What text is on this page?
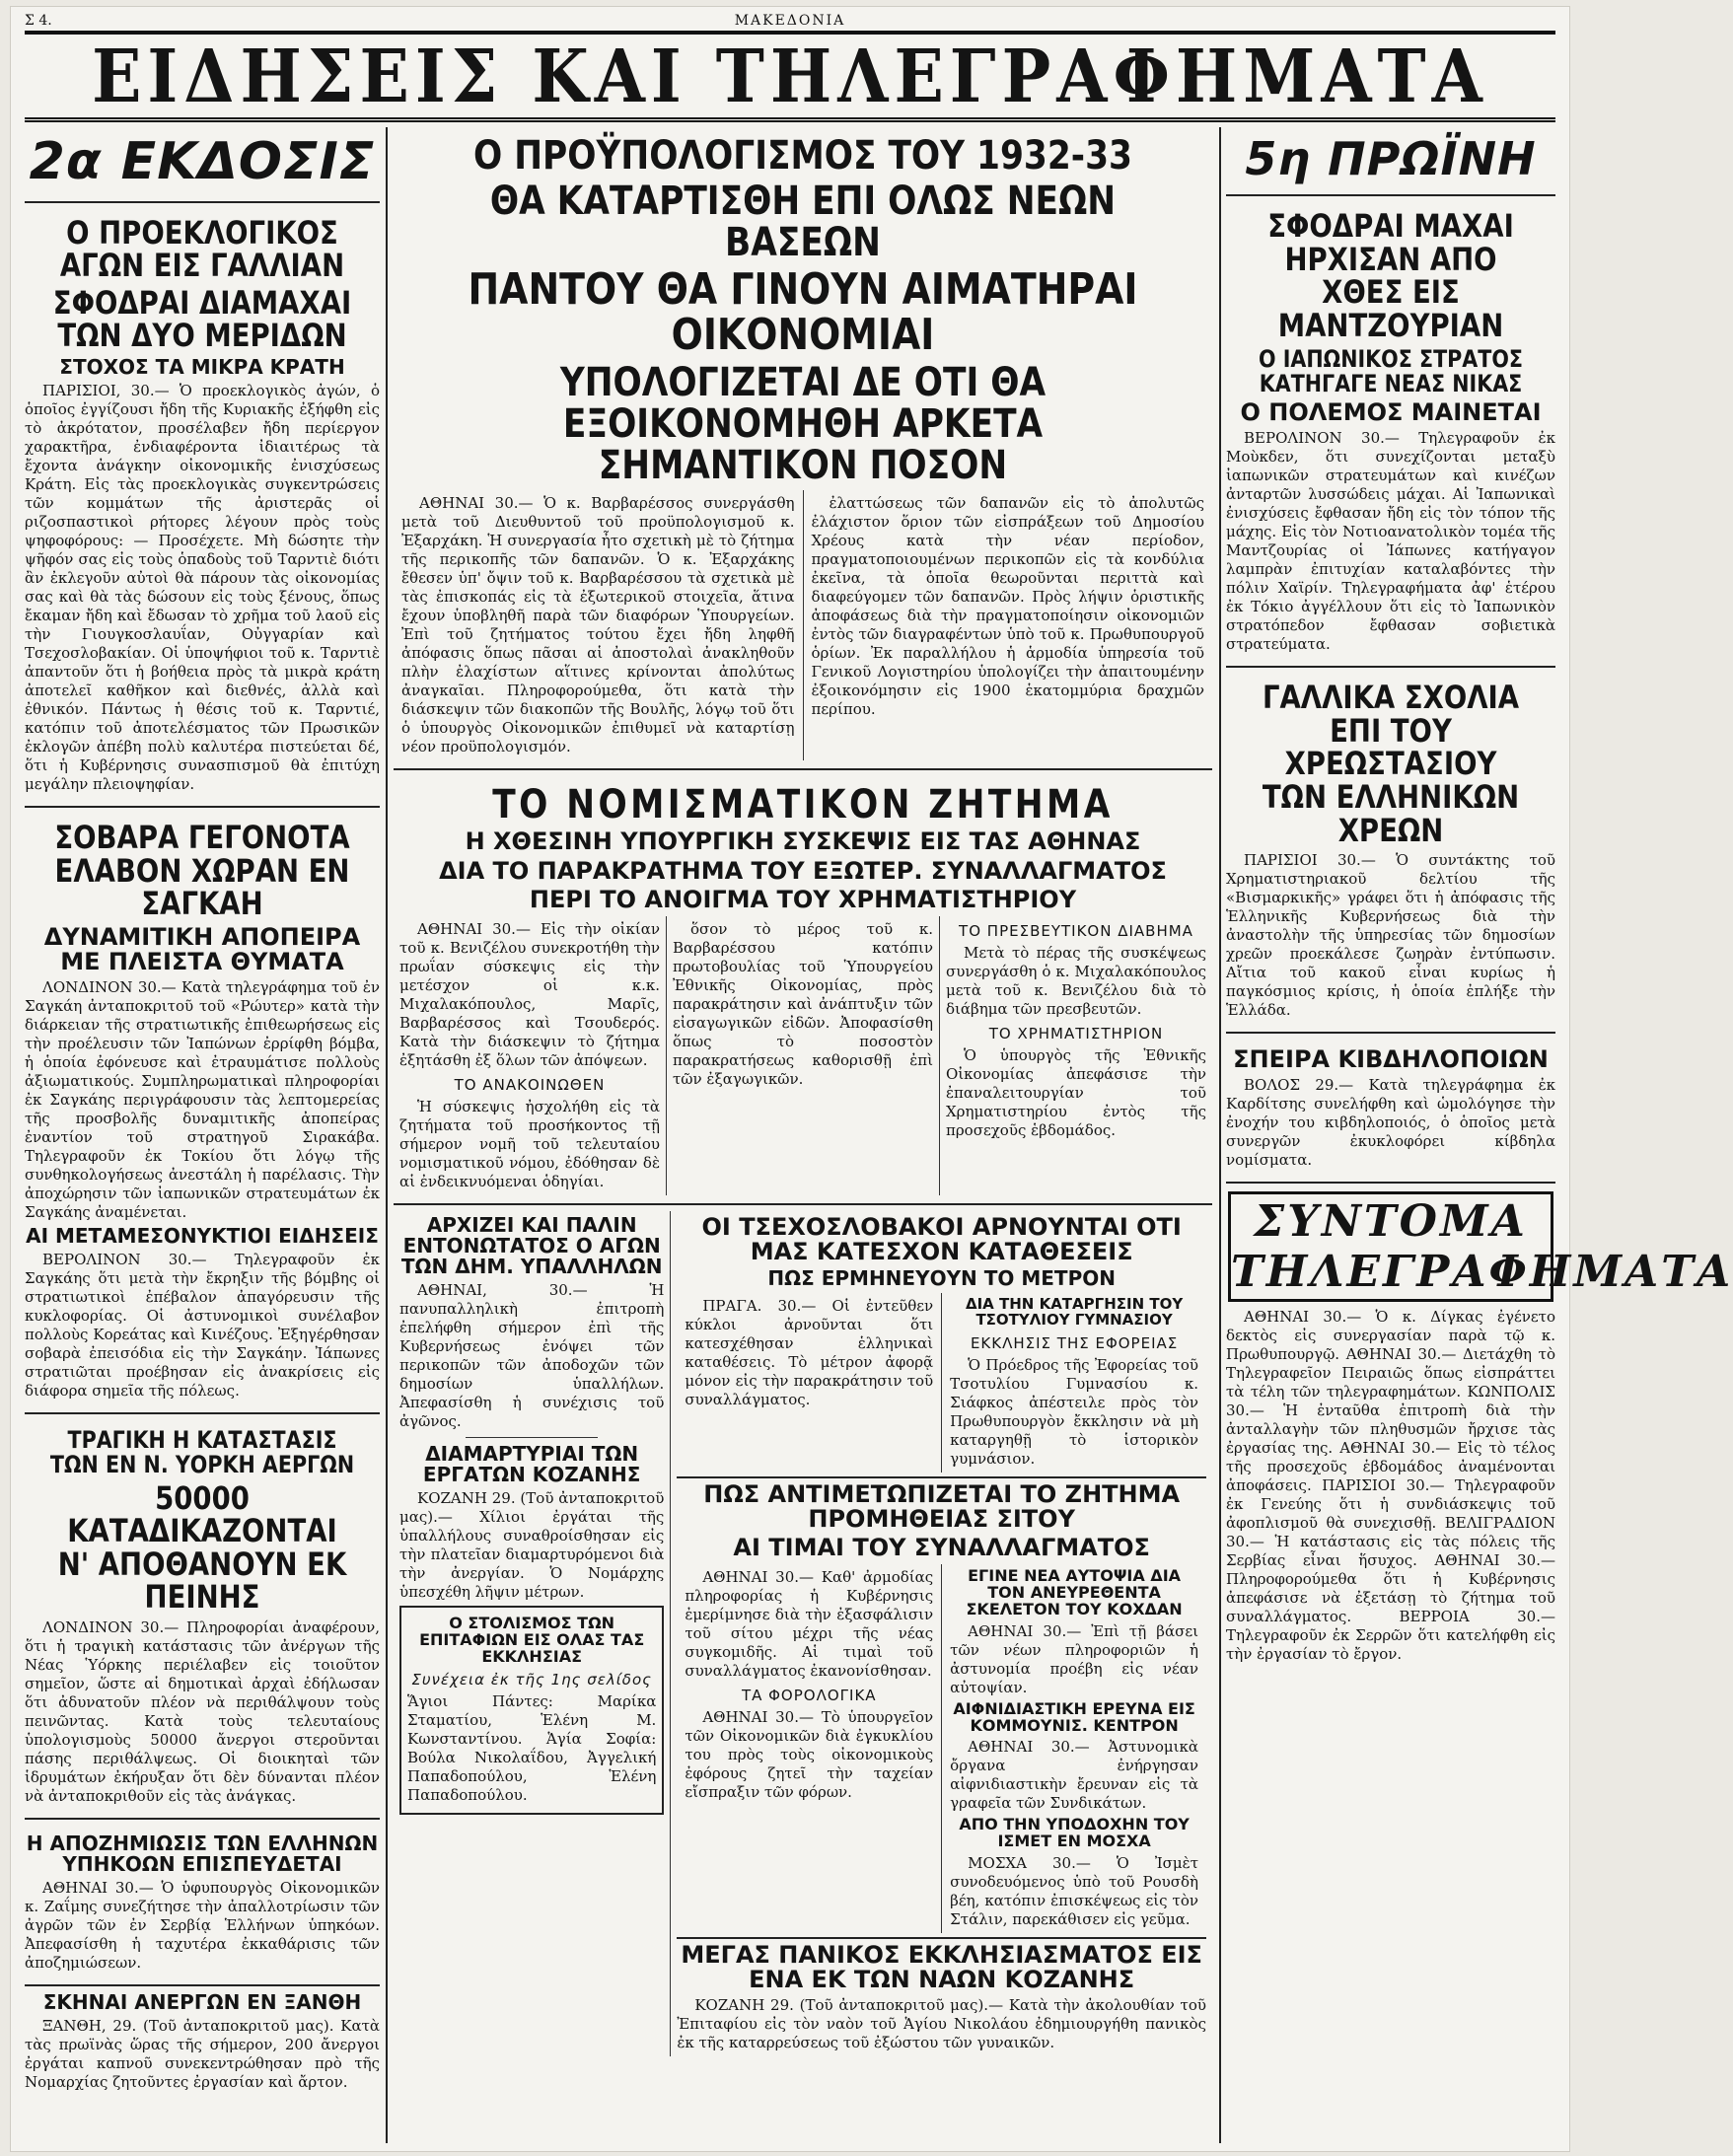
Σ 4.	ΜΑΚΕΔΟΝΙΑ
ΕΙΔΗΣΕΙΣ ΚΑΙ ΤΗΛΕΓΡΑΦΗΜΑΤΑ
2α ΕΚΔΟΣΙΣ
Ο ΠΡΟΕΚΛΟΓΙΚΟΣ ΑΓΩΝ ΕΙΣ ΓΑΛΛΙΑΝ
ΣΦΟΔΡΑΙ ΔΙΑΜΑΧΑΙ ΤΩΝ ΔΥΟ ΜΕΡΙΔΩΝ
ΣΤΟΧΟΣ ΤΑ ΜΙΚΡΑ ΚΡΑΤΗ

ΠΑΡΙΣΙΟΙ, 30.— Ὁ προεκλογικὸς ἀγών, ὁ ὁποῖος ἐγγίζουσι ἤδη τῆς Κυριακῆς ἐξήφθη εἰς τὸ ἀκρότατον, προσέλαβεν ἤδη περίεργον χαρακτῆρα, ἐνδιαφέροντα ἰδιαιτέρως τὰ ἔχοντα ἀνάγκην οἰκονομικῆς ἐνισχύσεως Κράτη. Εἰς τὰς προεκλογικὰς συγκεντρώσεις τῶν κομμάτων τῆς ἀριστερᾶς οἱ ριζοσπαστικοὶ ρήτορες λέγουν πρὸς τοὺς ψηφοφόρους: — Προσέχετε. Μὴ δώσητε τὴν ψῆφόν σας εἰς τοὺς ὁπαδοὺς τοῦ Ταρντιὲ διότι ἂν ἐκλεγοῦν αὐτοὶ θὰ πάρουν τὰς οἰκονομίας σας καὶ θὰ τὰς δώσουν εἰς τοὺς ξένους, ὅπως ἔκαμαν ἤδη καὶ ἔδωσαν τὸ χρῆμα τοῦ λαοῦ εἰς τὴν Γιουγκοσλαυΐαν, Οὐγγαρίαν καὶ Τσεχοσλοβακίαν. Οἱ ὑποψήφιοι τοῦ κ. Ταρντιὲ ἀπαντοῦν ὅτι ἡ βοήθεια πρὸς τὰ μικρὰ κράτη ἀποτελεῖ καθῆκον καὶ διεθνές, ἀλλὰ καὶ ἐθνικόν. Πάντως ἡ θέσις τοῦ κ. Ταρντιέ, κατόπιν τοῦ ἀποτελέσματος τῶν Πρωσικῶν ἐκλογῶν ἀπέβη πολὺ καλυτέρα πιστεύεται δέ, ὅτι ἡ Κυβέρνησις συνασπισμοῦ θὰ ἐπιτύχη μεγάλην πλειοψηφίαν.

ΣΟΒΑΡΑ ΓΕΓΟΝΟΤΑ ΕΛΑΒΟΝ ΧΩΡΑΝ ΕΝ ΣΑΓΚΑΗ
ΔΥΝΑΜΙΤΙΚΗ ΑΠΟΠΕΙΡΑ ΜΕ ΠΛΕΙΣΤΑ ΘΥΜΑΤΑ

ΛΟΝΔΙΝΟΝ 30.— Κατὰ τηλεγράφημα τοῦ ἐν Σαγκάη ἀνταποκριτοῦ τοῦ «Ρώυτερ» κατὰ τὴν διάρκειαν τῆς στρατιωτικῆς ἐπιθεωρήσεως εἰς τὴν προέλευσιν τῶν Ἰαπώνων ἐρρίφθη βόμβα, ἡ ὁποία ἐφόνευσε καὶ ἐτραυμάτισε πολλοὺς ἀξιωματικούς. Συμπληρωματικαὶ πληροφορίαι ἐκ Σαγκάης περιγράφουσιν τὰς λεπτομερείας τῆς προσβολῆς δυναμιτικῆς ἀποπείρας ἐναντίον τοῦ στρατηγοῦ Σιρακάβα. Τηλεγραφοῦν ἐκ Τοκίου ὅτι λόγῳ τῆς συνθηκολογήσεως ἀνεστάλη ἡ παρέλασις. Τὴν ἀποχώρησιν τῶν ἰαπωνικῶν στρατευμάτων ἐκ Σαγκάης ἀναμένεται.

ΑΙ ΜΕΤΑΜΕΣΟΝΥΚΤΙΟΙ ΕΙΔΗΣΕΙΣ

ΒΕΡΟΛΙΝΟΝ 30.— Τηλεγραφοῦν ἐκ Σαγκάης ὅτι μετὰ τὴν ἔκρηξιν τῆς βόμβης οἱ στρατιωτικοὶ ἐπέβαλον ἀπαγόρευσιν τῆς κυκλοφορίας. Οἱ ἀστυνομικοὶ συνέλαβον πολλοὺς Κορεάτας καὶ Κινέζους. Ἐξηγέρθησαν σοβαρὰ ἐπεισόδια εἰς τὴν Σαγκάην. Ἰάπωνες στρατιῶται προέβησαν εἰς ἀνακρίσεις εἰς διάφορα σημεῖα τῆς πόλεως.

ΤΡΑΓΙΚΗ Η ΚΑΤΑΣΤΑΣΙΣ ΤΩΝ ΕΝ Ν. ΥΟΡΚΗ ΑΕΡΓΩΝ
50000 ΚΑΤΑΔΙΚΑΖΟΝΤΑΙ Ν' ΑΠΟΘΑΝΟΥΝ ΕΚ ΠΕΙΝΗΣ

ΛΟΝΔΙΝΟΝ 30.— Πληροφορίαι ἀναφέρουν, ὅτι ἡ τραγικὴ κατάστασις τῶν ἀνέργων τῆς Νέας Ὑόρκης περιέλαβεν εἰς τοιοῦτον σημεῖον, ὥστε αἱ δημοτικαὶ ἀρχαὶ ἐδήλωσαν ὅτι ἀδυνατοῦν πλέον νὰ περιθάλψουν τοὺς πεινῶντας. Κατὰ τοὺς τελευταίους ὑπολογισμοὺς 50000 ἄνεργοι στεροῦνται πάσης περιθάλψεως. Οἱ διοικηταὶ τῶν ἱδρυμάτων ἐκήρυξαν ὅτι δὲν δύνανται πλέον νὰ ἀνταποκριθοῦν εἰς τὰς ἀνάγκας.

Η ΑΠΟΖΗΜΙΩΣΙΣ ΤΩΝ ΕΛΛΗΝΩΝ ΥΠΗΚΟΩΝ ΕΠΙΣΠΕΥΔΕΤΑΙ

ΑΘΗΝΑΙ 30.— Ὁ ὑφυπουργὸς Οἰκονομικῶν κ. Ζαΐμης συνεζήτησε τὴν ἀπαλλοτρίωσιν τῶν ἀγρῶν τῶν ἐν Σερβίᾳ Ἑλλήνων ὑπηκόων. Ἀπεφασίσθη ἡ ταχυτέρα ἐκκαθάρισις τῶν ἀποζημιώσεων.

ΣΚΗΝΑΙ ΑΝΕΡΓΩΝ ΕΝ ΞΑΝΘΗ

ΞΑΝΘΗ, 29. (Τοῦ ἀνταποκριτοῦ μας). Κατὰ τὰς πρωϊνὰς ὥρας τῆς σήμερον, 200 ἄνεργοι ἐργάται καπνοῦ συνεκεντρώθησαν πρὸ τῆς Νομαρχίας ζητοῦντες ἐργασίαν καὶ ἄρτον.

Ο ΠΡΟΫΠΟΛΟΓΙΣΜΟΣ ΤΟΥ 1932-33
ΘΑ ΚΑΤΑΡΤΙΣΘΗ ΕΠΙ ΟΛΩΣ ΝΕΩΝ ΒΑΣΕΩΝ
ΠΑΝΤΟΥ ΘΑ ΓΙΝΟΥΝ ΑΙΜΑΤΗΡΑΙ ΟΙΚΟΝΟΜΙΑΙ
ΥΠΟΛΟΓΙΖΕΤΑΙ ΔΕ ΟΤΙ ΘΑ ΕΞΟΙΚΟΝΟΜΗΘΗ ΑΡΚΕΤΑ ΣΗΜΑΝΤΙΚΟΝ ΠΟΣΟΝ

ΑΘΗΝΑΙ 30.— Ὁ κ. Βαρβαρέσσος συνεργάσθη μετὰ τοῦ Διευθυντοῦ τοῦ προϋπολογισμοῦ κ. Ἐξαρχάκη. Ἡ συνεργασία ἦτο σχετικὴ μὲ τὸ ζήτημα τῆς περικοπῆς τῶν δαπανῶν. Ὁ κ. Ἐξαρχάκης ἔθεσεν ὑπ' ὄψιν τοῦ κ. Βαρβαρέσσου τὰ σχετικὰ μὲ τὰς ἐπισκοπάς εἰς τὰ ἐξωτερικοῦ στοιχεῖα, ἅτινα ἔχουν ὑποβληθῆ παρὰ τῶν διαφόρων Ὑπουργείων. Ἐπὶ τοῦ ζητήματος τούτου ἔχει ἤδη ληφθῆ ἀπόφασις ὅπως πᾶσαι αἱ ἀποστολαὶ ἀνακληθοῦν πλὴν ἐλαχίστων αἵτινες κρίνονται ἀπολύτως ἀναγκαῖαι. Πληροφορούμεθα, ὅτι κατὰ τὴν διάσκεψιν τῶν διακοπῶν τῆς Βουλῆς, λόγῳ τοῦ ὅτι ὁ ὑπουργὸς Οἰκονομικῶν ἐπιθυμεῖ νὰ καταρτίσῃ νέον προϋπολογισμόν.

ἐλαττώσεως τῶν δαπανῶν εἰς τὸ ἀπολυτῶς ἐλάχιστον ὅριον τῶν εἰσπράξεων τοῦ Δημοσίου Χρέους κατὰ τὴν νέαν περίοδον, πραγματοποιουμένων περικοπῶν εἰς τὰ κονδύλια ἐκεῖνα, τὰ ὁποῖα θεωροῦνται περιττὰ καὶ διαφεύγομεν τῶν δαπανῶν. Πρὸς λήψιν ὁριστικῆς ἀποφάσεως διὰ τὴν πραγματοποίησιν οἰκονομιῶν ἐντὸς τῶν διαγραφέντων ὑπὸ τοῦ κ. Πρωθυπουργοῦ ὁρίων. Ἐκ παραλλήλου ἡ ἁρμοδία ὑπηρεσία τοῦ Γενικοῦ Λογιστηρίου ὑπολογίζει τὴν ἀπαιτουμένην ἐξοικονόμησιν εἰς 1900 ἑκατομμύρια δραχμῶν περίπου.

ΤΟ ΝΟΜΙΣΜΑΤΙΚΟΝ ΖΗΤΗΜΑ
Η ΧΘΕΣΙΝΗ ΥΠΟΥΡΓΙΚΗ ΣΥΣΚΕΨΙΣ ΕΙΣ ΤΑΣ ΑΘΗΝΑΣ
ΔΙΑ ΤΟ ΠΑΡΑΚΡΑΤΗΜΑ ΤΟΥ ΕΞΩΤΕΡ. ΣΥΝΑΛΛΑΓΜΑΤΟΣ
ΠΕΡΙ ΤΟ ΑΝΟΙΓΜΑ ΤΟΥ ΧΡΗΜΑΤΙΣΤΗΡΙΟΥ

ΑΘΗΝΑΙ 30.— Εἰς τὴν οἰκίαν τοῦ κ. Βενιζέλου συνεκροτήθη τὴν πρωΐαν σύσκεψις εἰς τὴν μετέσχον οἱ κ.κ. Μιχαλακόπουλος, Μαρῖς, Βαρβαρέσσος καὶ Τσουδερός. Κατὰ τὴν διάσκεψιν τὸ ζήτημα ἐξητάσθη ἐξ ὅλων τῶν ἀπόψεων.

ΤΟ ΑΝΑΚΟΙΝΩΘΕΝ

Ἡ σύσκεψις ἠσχολήθη εἰς τὰ ζητήματα τοῦ προσήκοντος τῇ σήμερον νομῆ τοῦ τελευταίου νομισματικοῦ νόμου, ἐδόθησαν δὲ αἱ ἐνδεικνυόμεναι ὁδηγίαι.

ὅσον τὸ μέρος τοῦ κ. Βαρβαρέσσου κατόπιν πρωτοβουλίας τοῦ Ὑπουργείου Ἐθνικῆς Οἰκονομίας, πρὸς παρακράτησιν καὶ ἀνάπτυξιν τῶν εἰσαγωγικῶν εἰδῶν. Ἀποφασίσθη ὅπως τὸ ποσοστὸν παρακρατήσεως καθορισθῇ ἐπὶ τῶν ἐξαγωγικῶν.

ΤΟ ΠΡΕΣΒΕΥΤΙΚΟΝ ΔΙΑΒΗΜΑ

Μετὰ τὸ πέρας τῆς συσκέψεως συνεργάσθη ὁ κ. Μιχαλακόπουλος μετὰ τοῦ κ. Βενιζέλου διὰ τὸ διάβημα τῶν πρεσβευτῶν.

ΤΟ ΧΡΗΜΑΤΙΣΤΗΡΙΟΝ

Ὁ ὑπουργὸς τῆς Ἐθνικῆς Οἰκονομίας ἀπεφάσισε τὴν ἐπαναλειτουργίαν τοῦ Χρηματιστηρίου ἐντὸς τῆς προσεχοῦς ἑβδομάδος.

ΑΡΧΙΖΕΙ ΚΑΙ ΠΑΛΙΝ ΕΝΤΟΝΩΤΑΤΟΣ Ο ΑΓΩΝ ΤΩΝ ΔΗΜ. ΥΠΑΛΛΗΛΩΝ

ΑΘΗΝΑΙ, 30.— Ἡ πανυπαλληλικὴ ἐπιτροπὴ ἐπελήφθη σήμερον ἐπὶ τῆς Κυβερνήσεως ἐνόψει τῶν περικοπῶν τῶν ἀποδοχῶν τῶν δημοσίων ὑπαλλήλων. Ἀπεφασίσθη ἡ συνέχισις τοῦ ἀγῶνος.

ΔΙΑΜΑΡΤΥΡΙΑΙ ΤΩΝ ΕΡΓΑΤΩΝ ΚΟΖΑΝΗΣ

ΚΟΖΑΝΗ 29. (Τοῦ ἀνταποκριτοῦ μας).— Χίλιοι ἐργάται τῆς ὑπαλλήλους συναθροίσθησαν εἰς τὴν πλατεῖαν διαμαρτυρόμενοι διὰ τὴν ἀνεργίαν. Ὁ Νομάρχης ὑπεσχέθη λῆψιν μέτρων.

Ο ΣΤΟΛΙΣΜΟΣ ΤΩΝ ΕΠΙΤΑΦΙΩΝ ΕΙΣ ΟΛΑΣ ΤΑΣ ΕΚΚΛΗΣΙΑΣ
Συνέχεια ἐκ τῆς 1ης σελίδος

Ἅγιοι Πάντες: Μαρίκα Σταματίου, Ἑλένη Μ. Κωνσταντίνου. Ἁγία Σοφία: Βούλα Νικολαΐδου, Ἀγγελική Παπαδοπούλου, Ἑλένη Παπαδοπούλου.

ΟΙ ΤΣΕΧΟΣΛΟΒΑΚΟΙ ΑΡΝΟΥΝΤΑΙ ΟΤΙ ΜΑΣ ΚΑΤΕΣΧΟΝ ΚΑΤΑΘΕΣΕΙΣ
ΠΩΣ ΕΡΜΗΝΕΥΟΥΝ ΤΟ ΜΕΤΡΟΝ

ΠΡΑΓΑ. 30.— Οἱ ἐντεῦθεν κύκλοι ἀρνοῦνται ὅτι κατεσχέθησαν ἑλληνικαὶ καταθέσεις. Τὸ μέτρον ἀφορᾷ μόνον εἰς τὴν παρακράτησιν τοῦ συναλλάγματος.

ΔΙΑ ΤΗΝ ΚΑΤΑΡΓΗΣΙΝ ΤΟΥ ΤΣΟΤΥΛΙΟΥ ΓΥΜΝΑΣΙΟΥ
ΕΚΚΛΗΣΙΣ ΤΗΣ ΕΦΟΡΕΙΑΣ

Ὁ Πρόεδρος τῆς Ἐφορείας τοῦ Τσοτυλίου Γυμνασίου κ. Σιάφκος ἀπέστειλε πρὸς τὸν Πρωθυπουργὸν ἔκκλησιν νὰ μὴ καταργηθῇ τὸ ἱστορικὸν γυμνάσιον.

ΠΩΣ ΑΝΤΙΜΕΤΩΠΙΖΕΤΑΙ ΤΟ ΖΗΤΗΜΑ ΠΡΟΜΗΘΕΙΑΣ ΣΙΤΟΥ
ΑΙ ΤΙΜΑΙ ΤΟΥ ΣΥΝΑΛΛΑΓΜΑΤΟΣ

ΑΘΗΝΑΙ 30.— Καθ' ἀρμοδίας πληροφορίας ἡ Κυβέρνησις ἐμερίμνησε διὰ τὴν ἐξασφάλισιν τοῦ σίτου μέχρι τῆς νέας συγκομιδῆς. Αἱ τιμαὶ τοῦ συναλλάγματος ἐκανονίσθησαν.

ΤΑ ΦΟΡΟΛΟΓΙΚΑ

ΑΘΗΝΑΙ 30.— Τὸ ὑπουργεῖον τῶν Οἰκονομικῶν διὰ ἐγκυκλίου του πρὸς τοὺς οἰκονομικοὺς ἐφόρους ζητεῖ τὴν ταχείαν εἴσπραξιν τῶν φόρων.

ΕΓΙΝΕ ΝΕΑ ΑΥΤΟΨΙΑ ΔΙΑ ΤΟΝ ΑΝΕΥΡΕΘΕΝΤΑ ΣΚΕΛΕΤΟΝ ΤΟΥ ΚΟΧΔΑΝ

ΑΘΗΝΑΙ 30.— Ἐπὶ τῇ βάσει τῶν νέων πληροφοριῶν ἡ ἀστυνομία προέβη εἰς νέαν αὐτοψίαν.

ΑΙΦΝΙΔΙΑΣΤΙΚΗ ΕΡΕΥΝΑ ΕΙΣ ΚΟΜΜΟΥΝΙΣ. ΚΕΝΤΡΟΝ

ΑΘΗΝΑΙ 30.— Ἀστυνομικὰ ὄργανα ἐνήργησαν αἰφνιδιαστικὴν ἔρευναν εἰς τὰ γραφεῖα τῶν Συνδικάτων.

ΑΠΟ ΤΗΝ ΥΠΟΔΟΧΗΝ ΤΟΥ ΙΣΜΕΤ ΕΝ ΜΟΣΧΑ

ΜΟΣΧΑ 30.— Ὁ Ἰσμὲτ συνοδευόμενος ὑπὸ τοῦ Ρουσδὴ βέη, κατόπιν ἐπισκέψεως εἰς τὸν Στάλιν, παρεκάθισεν εἰς γεῦμα.

ΜΕΓΑΣ ΠΑΝΙΚΟΣ ΕΚΚΛΗΣΙΑΣΜΑΤΟΣ ΕΙΣ ΕΝΑ ΕΚ ΤΩΝ ΝΑΩΝ ΚΟΖΑΝΗΣ

ΚΟΖΑΝΗ 29. (Τοῦ ἀνταποκριτοῦ μας).— Κατὰ τὴν ἀκολουθίαν τοῦ Ἐπιταφίου εἰς τὸν ναὸν τοῦ Ἁγίου Νικολάου ἐδημιουργήθη πανικὸς ἐκ τῆς καταρρεύσεως τοῦ ἐξώστου τῶν γυναικῶν.

5η ΠΡΩΪΝΗ
ΣΦΟΔΡΑΙ ΜΑΧΑΙ ΗΡΧΙΣΑΝ ΑΠΟ ΧΘΕΣ ΕΙΣ ΜΑΝΤΖΟΥΡΙΑΝ
Ο ΙΑΠΩΝΙΚΟΣ ΣΤΡΑΤΟΣ ΚΑΤΗΓΑΓΕ ΝΕΑΣ ΝΙΚΑΣ
Ο ΠΟΛΕΜΟΣ ΜΑΙΝΕΤΑΙ

ΒΕΡΟΛΙΝΟΝ 30.— Τηλεγραφοῦν ἐκ Μοὺκδεν, ὅτι συνεχίζονται μεταξὺ ἰαπωνικῶν στρατευμάτων καὶ κινέζων ἀνταρτῶν λυσσώδεις μάχαι. Αἱ Ἰαπωνικαὶ ἐνισχύσεις ἔφθασαν ἤδη εἰς τὸν τόπον τῆς μάχης. Εἰς τὸν Νοτιοανατολικὸν τομέα τῆς Μαντζουρίας οἱ Ἰάπωνες κατήγαγον λαμπρὰν ἐπιτυχίαν καταλαβόντες τὴν πόλιν Χαϊρίν. Τηλεγραφήματα ἀφ' ἑτέρου ἐκ Τόκιο ἀγγέλλουν ὅτι εἰς τὸ Ἰαπωνικὸν στρατόπεδον ἔφθασαν σοβιετικὰ στρατεύματα.

ΓΑΛΛΙΚΑ ΣΧΟΛΙΑ ΕΠΙ ΤΟΥ ΧΡΕΩΣΤΑΣΙΟΥ ΤΩΝ ΕΛΛΗΝΙΚΩΝ ΧΡΕΩΝ

ΠΑΡΙΣΙΟΙ 30.— Ὁ συντάκτης τοῦ Χρηματιστηριακοῦ δελτίου τῆς «Βισμαρκικῆς» γράφει ὅτι ἡ ἀπόφασις τῆς Ἑλληνικῆς Κυβερνήσεως διὰ τὴν ἀναστολὴν τῆς ὑπηρεσίας τῶν δημοσίων χρεῶν προεκάλεσε ζωηρὰν ἐντύπωσιν. Αἴτια τοῦ κακοῦ εἶναι κυρίως ἡ παγκόσμιος κρίσις, ἡ ὁποία ἐπλήξε τὴν Ἑλλάδα.

ΣΠΕΙΡΑ ΚΙΒΔΗΛΟΠΟΙΩΝ

ΒΟΛΟΣ 29.— Κατὰ τηλεγράφημα ἐκ Καρδίτσης συνελήφθη καὶ ὡμολόγησε τὴν ἐνοχήν του κιβδηλοποιός, ὁ ὁποῖος μετὰ συνεργῶν ἐκυκλοφόρει κίβδηλα νομίσματα.

ΣΥΝΤΟΜΑ ΤΗΛΕΓΡΑΦΗΜΑΤΑ

ΑΘΗΝΑΙ 30.— Ὁ κ. Δίγκας ἐγένετο δεκτὸς εἰς συνεργασίαν παρὰ τῷ κ. Πρωθυπουργῷ. ΑΘΗΝΑΙ 30.— Διετάχθη τὸ Τηλεγραφεῖον Πειραιῶς ὅπως εἰσπράττει τὰ τέλη τῶν τηλεγραφημάτων. ΚΩΝΠΟΛΙΣ 30.— Ἡ ἐνταῦθα ἐπιτροπὴ διὰ τὴν ἀνταλλαγὴν τῶν πληθυσμῶν ἤρχισε τὰς ἐργασίας της. ΑΘΗΝΑΙ 30.— Εἰς τὸ τέλος τῆς προσεχοῦς ἑβδομάδος ἀναμένονται ἀποφάσεις. ΠΑΡΙΣΙΟΙ 30.— Τηλεγραφοῦν ἐκ Γενεύης ὅτι ἡ συνδιάσκεψις τοῦ ἀφοπλισμοῦ θὰ συνεχισθῇ. ΒΕΛΙΓΡΑΔΙΟΝ 30.— Ἡ κατάστασις εἰς τὰς πόλεις τῆς Σερβίας εἶναι ἥσυχος. ΑΘΗΝΑΙ 30.— Πληροφορούμεθα ὅτι ἡ Κυβέρνησις ἀπεφάσισε νὰ ἐξετάσῃ τὸ ζήτημα τοῦ συναλλάγματος. ΒΕΡΡΟΙΑ 30.— Τηλεγραφοῦν ἐκ Σερρῶν ὅτι κατελήφθη εἰς τὴν ἐργασίαν τὸ ἔργον.
